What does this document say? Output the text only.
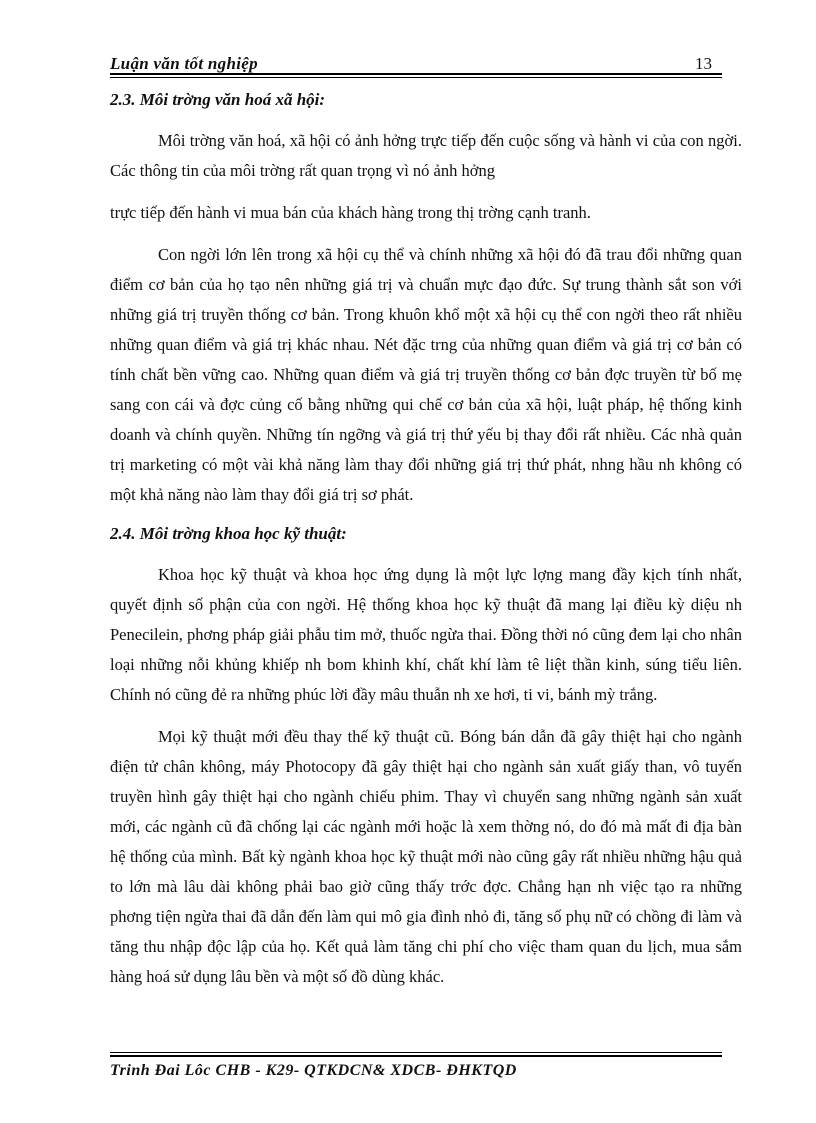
Luận văn tốt nghiệp	13
2.3. Môi trờng văn hoá xã hội:

Môi trờng văn hoá, xã hội có ảnh hởng trực tiếp đến cuộc sống và hành vi của con ngời. Các thông tin của môi trờng rất quan trọng vì nó ảnh hởng

trực tiếp đến hành vi mua bán của khách hàng trong thị trờng cạnh tranh.

Con ngời lớn lên trong xã hội cụ thể và chính những xã hội đó đã trau đổi những quan điểm cơ bản của họ tạo nên những giá trị và chuẩn mực đạo đức. Sự trung thành sắt son với những giá trị truyền thống cơ bản. Trong khuôn khổ một xã hội cụ thể con ngời theo rất nhiều những quan điểm và giá trị khác nhau. Nét đặc trng của những quan điểm và giá trị cơ bản có tính chất bền vững cao. Những quan điểm và giá trị truyền thống cơ bản đợc truyền từ bố mẹ sang con cái và đợc củng cố bằng những qui chế cơ bản của xã hội, luật pháp, hệ thống kinh doanh và chính quyền. Những tín ngỡng và giá trị thứ yếu bị thay đổi rất nhiều. Các nhà quản trị marketing có một vài khả năng làm thay đổi những giá trị thứ phát, nhng hầu nh không có một khả năng nào làm thay đổi giá trị sơ phát.

2.4. Môi trờng khoa học kỹ thuật:

Khoa học kỹ thuật và khoa học ứng dụng là một lực lợng mang đầy kịch tính nhất, quyết định số phận của con ngời. Hệ thống khoa học kỹ thuật đã mang lại điều kỳ diệu nh Penecilein, phơng pháp giải phẫu tim mở, thuốc ngừa thai. Đồng thời nó cũng đem lại cho nhân loại những nỗi khủng khiếp nh bom khinh khí, chất khí làm tê liệt thần kinh, súng tiểu liên. Chính nó cũng đẻ ra những phúc lời đầy mâu thuẫn nh xe hơi, ti vi, bánh mỳ trắng.

Mọi kỹ thuật mới đều thay thế kỹ thuật cũ. Bóng bán dẫn đã gây thiệt hại cho ngành điện tử chân không, máy Photocopy đã gây thiệt hại cho ngành sản xuất giấy than, vô tuyến truyền hình gây thiệt hại cho ngành chiếu phim. Thay vì chuyển sang những ngành sản xuất mới, các ngành cũ đã chống lại các ngành mới hoặc là xem thờng nó, do đó mà mất đi địa bàn hệ thống của mình. Bất kỳ ngành khoa học kỹ thuật mới nào cũng gây rất nhiều những hậu quả to lớn mà lâu dài không phải bao giờ cũng thấy trớc đợc. Chẳng hạn nh việc tạo ra những phơng tiện ngừa thai đã dẫn đến làm qui mô gia đình nhỏ đi, tăng số phụ nữ có chồng đi làm và tăng thu nhập độc lập của họ. Kết quả làm tăng chi phí cho việc tham quan du lịch, mua sắm hàng hoá sử dụng lâu bền và một số đồ dùng khác.

Trinh Đai Lôc CHB - K29- QTKDCN& XDCB- ĐHKTQD
